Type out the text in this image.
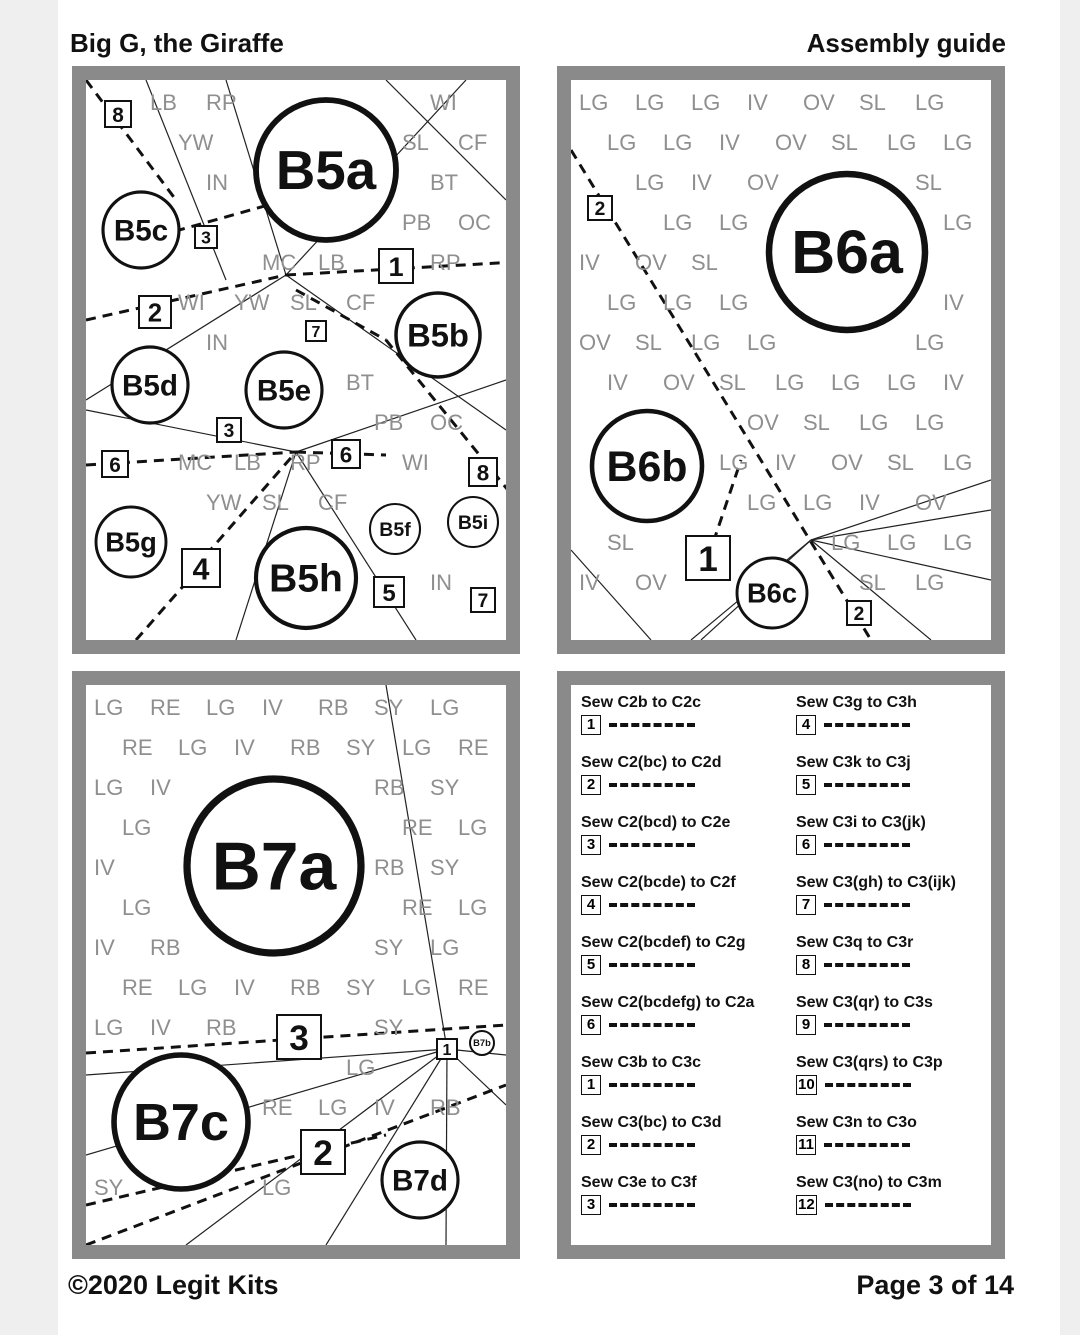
Big G, the Giraffe	Assembly guide
LB RP	WI
YW	SL CF
IN	BT
PB OC
MC LB	RP
WI YW SL CF
IN
BT
PB OC
MC LB RP	WI
YW SL CF
IN
B5a
B5c
B5b
B5d	B5e
B5g
B5h
B5f B5i
8
3
1
2
7
3
6
6	8
4
5	7
LG LG LG IV OV SL LG
LG LG IV OV SL LG LG
LG IV OV	SL
LG LG	LG
IV OV SL
LG LG LG	IV
OV SL LG LG	LG
IV OV SL LG LG LG IV
OV SL LG LG
LG IV OV SL LG
LG LG IV OV
SL	LG LG LG
IV OV	SL LG
B6a
B6b
B6c
2
1
2
LG RE LG IV RB SY LG
RE LG IV RB SY LG RE
LG IV	RB SY
LG	RE LG
IV	RB SY
LG	RE LG
IV RB	SY LG
RE LG IV RB SY LG RE
LG IV RB	SY
LG
RE LG IV RB
SY	LG
B7a
B7c
B7d
B7b
3	1
2
Sew C2b to C2c
1
Sew C2(bc) to C2d
2
Sew C2(bcd) to C2e
3
Sew C2(bcde) to C2f
4
Sew C2(bcdef) to C2g
5
Sew C2(bcdefg) to C2a
6
Sew C3b to C3c
1
Sew C3(bc) to C3d
2
Sew C3e to C3f
3
Sew C3g to C3h
4
Sew C3k to C3j
5
Sew C3i to C3(jk)
6
Sew C3(gh) to C3(ijk)
7
Sew C3q to C3r
8
Sew C3(qr) to C3s
9
Sew C3(qrs) to C3p
10
Sew C3n to C3o
11
Sew C3(no) to C3m
12
©2020 Legit Kits	Page 3 of 14
